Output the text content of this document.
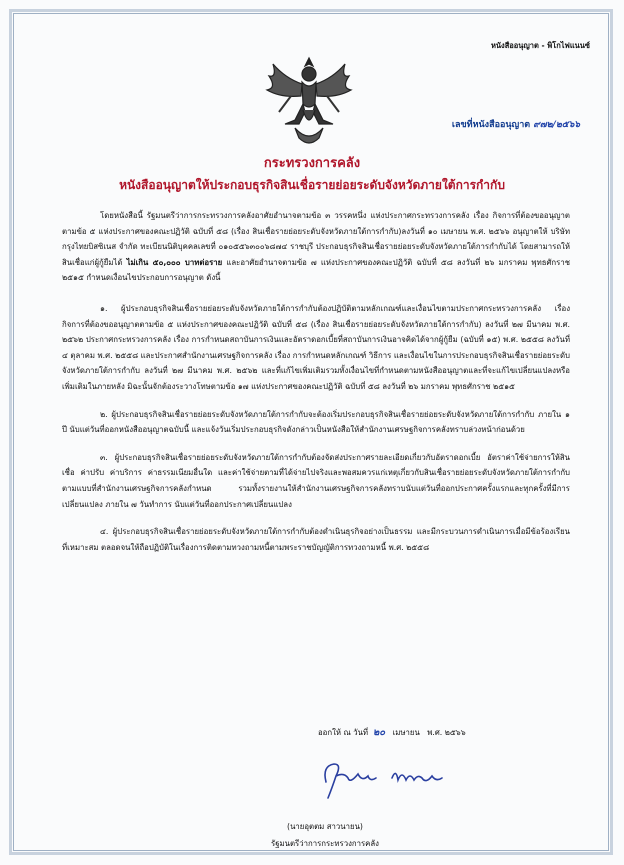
หนังสืออนุญาต - พิโกไฟแนนซ์
เลขที่หนังสืออนุญาต ๙๗๒/๒๕๖๖
กระทรวงการคลัง
หนังสืออนุญาตให้ประกอบธุรกิจสินเชื่อรายย่อยระดับจังหวัดภายใต้การกำกับ

โดยหนังสือนี้ รัฐมนตรีว่าการกระทรวงการคลังอาศัยอำนาจตามข้อ ๓ วรรคหนึ่ง แห่งประกาศกระทรวงการคลัง เรื่อง กิจการที่ต้องขออนุญาตตามข้อ ๕ แห่งประกาศของคณะปฏิวัติ ฉบับที่ ๕๘ (เรื่อง สินเชื่อรายย่อยระดับจังหวัดภายใต้การกำกับ)ลงวันที่ ๑๐ เมษายน พ.ศ. ๒๕๖๖ อนุญาตให้ บริษัท กรุงไทยบิสซิเนส จำกัด ทะเบียนนิติบุคคลเลขที่ ๐๑๐๕๕๖๓๐๐๖๘๗๔ ราชบุรี ประกอบธุรกิจสินเชื่อรายย่อยระดับจังหวัดภายใต้การกำกับได้ โดยสามารถให้สินเชื่อแก่ผู้กู้ยืมได้ ไม่เกิน ๕๐,๐๐๐ บาทต่อราย และอาศัยอำนาจตามข้อ ๗ แห่งประกาศของคณะปฏิวัติ ฉบับที่ ๕๘ ลงวันที่ ๒๖ มกราคม พุทธศักราช ๒๕๑๕ กำหนดเงื่อนไขประกอบการอนุญาต ดังนี้

๑. ผู้ประกอบธุรกิจสินเชื่อรายย่อยระดับจังหวัดภายใต้การกำกับต้องปฏิบัติตามหลักเกณฑ์และเงื่อนไขตามประกาศกระทรวงการคลัง เรื่อง กิจการที่ต้องขออนุญาตตามข้อ ๕ แห่งประกาศของคณะปฏิวัติ ฉบับที่ ๕๘ (เรื่อง สินเชื่อรายย่อยระดับจังหวัดภายใต้การกำกับ) ลงวันที่ ๒๗ มีนาคม พ.ศ. ๒๕๖๒ ประกาศกระทรวงการคลัง เรื่อง การกำหนดสถาบันการเงินและอัตราดอกเบี้ยที่สถาบันการเงินอาจคิดได้จากผู้กู้ยืม (ฉบับที่ ๑๕) พ.ศ. ๒๕๕๘ ลงวันที่ ๔ ตุลาคม พ.ศ. ๒๕๕๘ และประกาศสำนักงานเศรษฐกิจการคลัง เรื่อง การกำหนดหลักเกณฑ์ วิธีการ และเงื่อนไขในการประกอบธุรกิจสินเชื่อรายย่อยระดับจังหวัดภายใต้การกำกับ ลงวันที่ ๒๗ มีนาคม พ.ศ. ๒๕๖๒ และที่แก้ไขเพิ่มเติมรวมทั้งเงื่อนไขที่กำหนดตามหนังสืออนุญาตและที่จะแก้ไขเปลี่ยนแปลงหรือเพิ่มเติมในภายหลัง มิฉะนั้นจักต้องระวางโทษตามข้อ ๑๗ แห่งประกาศของคณะปฏิวัติ ฉบับที่ ๕๘ ลงวันที่ ๒๖ มกราคม พุทธศักราช ๒๕๑๕

๒. ผู้ประกอบธุรกิจสินเชื่อรายย่อยระดับจังหวัดภายใต้การกำกับจะต้องเริ่มประกอบธุรกิจสินเชื่อรายย่อยระดับจังหวัดภายใต้การกำกับ ภายใน ๑ ปี นับแต่วันที่ออกหนังสืออนุญาตฉบับนี้ และแจ้งวันเริ่มประกอบธุรกิจดังกล่าวเป็นหนังสือให้สำนักงานเศรษฐกิจการคลังทราบล่วงหน้าก่อนด้วย

๓. ผู้ประกอบธุรกิจสินเชื่อรายย่อยระดับจังหวัดภายใต้การกำกับต้องจัดส่งประกาศรายละเอียดเกี่ยวกับอัตราดอกเบี้ย อัตราค่าใช้จ่ายการให้สินเชื่อ ค่าปรับ ค่าบริการ ค่าธรรมเนียมอื่นใด และค่าใช้จ่ายตามที่ได้จ่ายไปจริงและพอสมควรแก่เหตุเกี่ยวกับสินเชื่อรายย่อยระดับจังหวัดภายใต้การกำกับตามแบบที่สำนักงานเศรษฐกิจการคลังกำหนด รวมทั้งรายงานให้สำนักงานเศรษฐกิจการคลังทราบนับแต่วันที่ออกประกาศครั้งแรกและทุกครั้งที่มีการเปลี่ยนแปลง ภายใน ๗ วันทำการ นับแต่วันที่ออกประกาศเปลี่ยนแปลง

๔. ผู้ประกอบธุรกิจสินเชื่อรายย่อยระดับจังหวัดภายใต้การกำกับต้องดำเนินธุรกิจอย่างเป็นธรรม และมีกระบวนการดำเนินการเมื่อมีข้อร้องเรียนที่เหมาะสม ตลอดจนให้ถือปฏิบัติในเรื่องการติดตามทวงถามหนี้ตามพระราชบัญญัติการทวงถามหนี้ พ.ศ. ๒๕๕๘

ออกให้ ณ วันที่ ๒๐ เมษายน พ.ศ. ๒๕๖๖
(นายอุตตม สาวนายน)
รัฐมนตรีว่าการกระทรวงการคลัง
